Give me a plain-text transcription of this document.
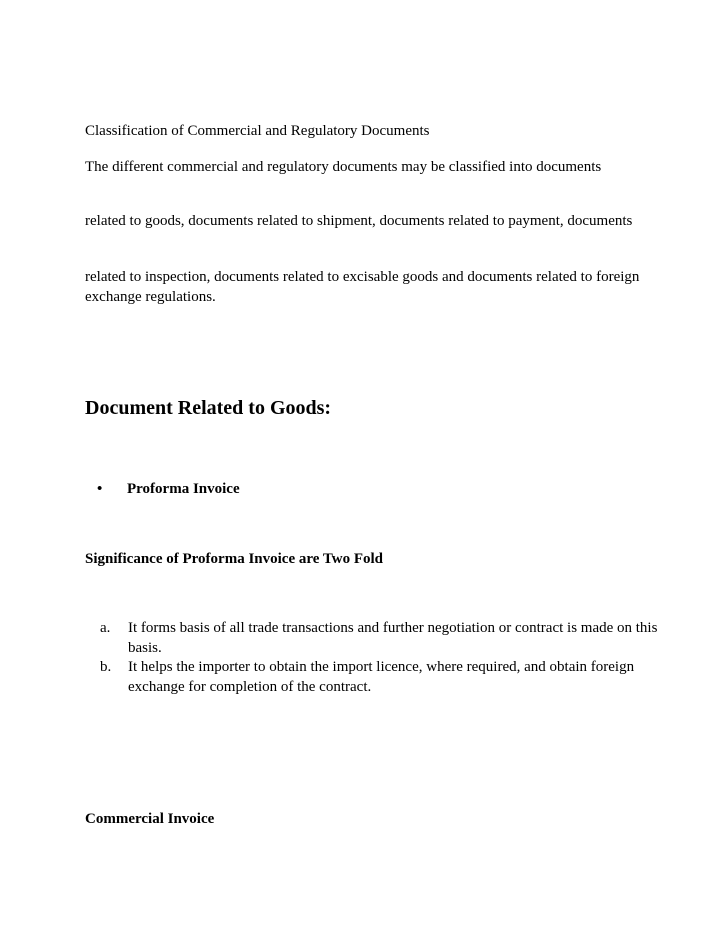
Classification of Commercial and Regulatory Documents

The different commercial and regulatory documents may be classified into documents

related to goods, documents related to shipment, documents related to payment, documents

related to inspection, documents related to excisable goods and documents related to foreign exchange regulations.

Document Related to Goods:
• Proforma Invoice

Significance of Proforma Invoice are Two Fold

a. It forms basis of all trade transactions and further negotiation or contract is made on this basis.
b. It helps the importer to obtain the import licence, where required, and obtain foreign exchange for completion of the contract.

Commercial Invoice
